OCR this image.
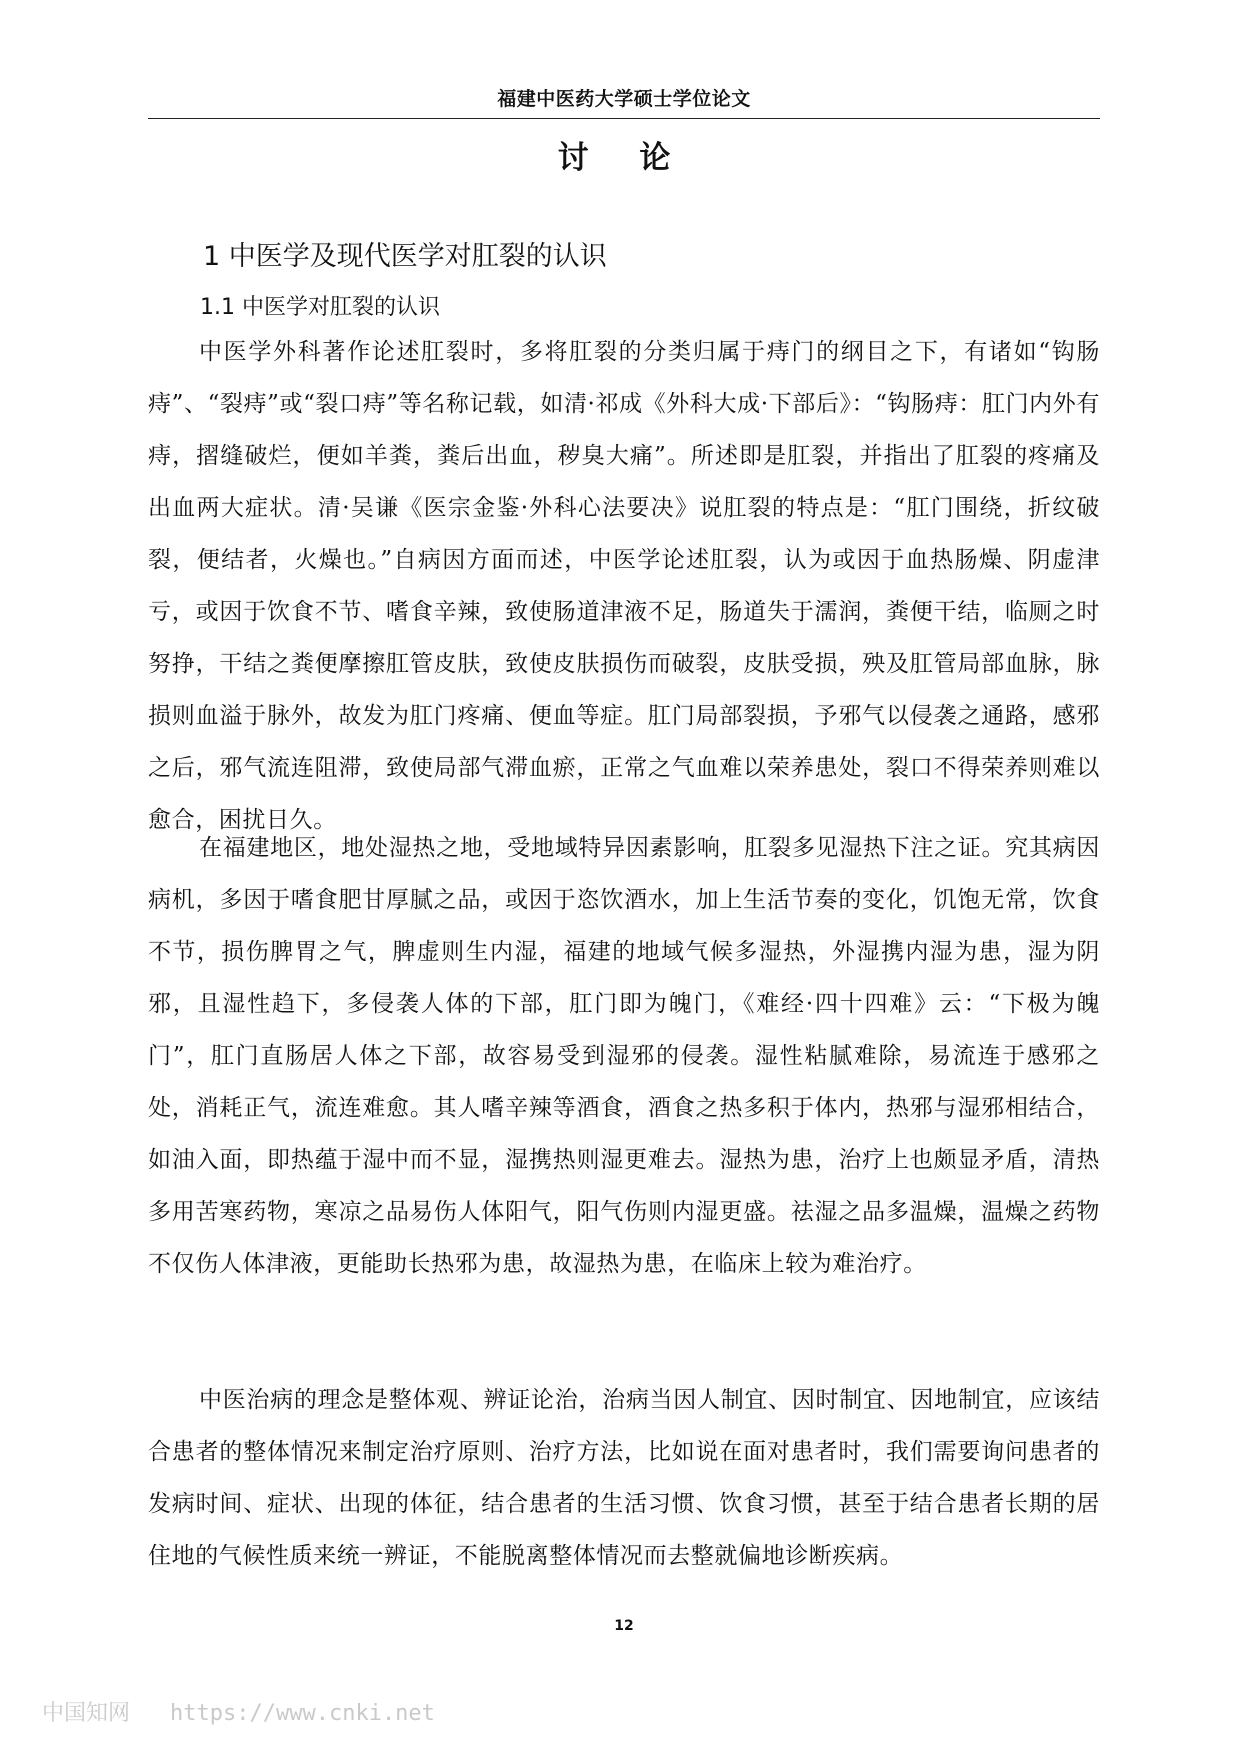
福建中医药大学硕士学位论文
讨 论
1 中医学及现代医学对肛裂的认识
1.1 中医学对肛裂的认识

中医学外科著作论述肛裂时，多将肛裂的分类归属于痔门的纲目之下，有诸如“钩肠痔”、“裂痔”或“裂口痔”等名称记载，如清·祁成《外科大成·下部后》：“钩肠痔：肛门内外有痔，摺缝破烂，便如羊粪，粪后出血，秽臭大痛”。所述即是肛裂，并指出了肛裂的疼痛及出血两大症状。清·吴谦《医宗金鉴·外科心法要决》说肛裂的特点是：“肛门围绕，折纹破裂，便结者，火燥也。”自病因方面而述，中医学论述肛裂，认为或因于血热肠燥、阴虚津亏，或因于饮食不节、嗜食辛辣，致使肠道津液不足，肠道失于濡润，粪便干结，临厕之时努挣，干结之粪便摩擦肛管皮肤，致使皮肤损伤而破裂，皮肤受损，殃及肛管局部血脉，脉损则血溢于脉外，故发为肛门疼痛、便血等症。肛门局部裂损，予邪气以侵袭之通路，感邪之后，邪气流连阻滞，致使局部气滞血瘀，正常之气血难以荣养患处，裂口不得荣养则难以愈合，困扰日久。

在福建地区，地处湿热之地，受地域特异因素影响，肛裂多见湿热下注之证。究其病因病机，多因于嗜食肥甘厚腻之品，或因于恣饮酒水，加上生活节奏的变化，饥饱无常，饮食不节，损伤脾胃之气，脾虚则生内湿，福建的地域气候多湿热，外湿携内湿为患，湿为阴邪，且湿性趋下，多侵袭人体的下部，肛门即为魄门，《难经·四十四难》云：“下极为魄门”，肛门直肠居人体之下部，故容易受到湿邪的侵袭。湿性粘腻难除，易流连于感邪之处，消耗正气，流连难愈。其人嗜辛辣等酒食，酒食之热多积于体内，热邪与湿邪相结合，如油入面，即热蕴于湿中而不显，湿携热则湿更难去。湿热为患，治疗上也颇显矛盾，清热多用苦寒药物，寒凉之品易伤人体阳气，阳气伤则内湿更盛。祛湿之品多温燥，温燥之药物不仅伤人体津液，更能助长热邪为患，故湿热为患，在临床上较为难治疗。

中医治病的理念是整体观、辨证论治，治病当因人制宜、因时制宜、因地制宜，应该结合患者的整体情况来制定治疗原则、治疗方法，比如说在面对患者时，我们需要询问患者的发病时间、症状、出现的体征，结合患者的生活习惯、饮食习惯，甚至于结合患者长期的居住地的气候性质来统一辨证，不能脱离整体情况而去整就偏地诊断疾病。

12
中国知网 https://www.cnki.net
